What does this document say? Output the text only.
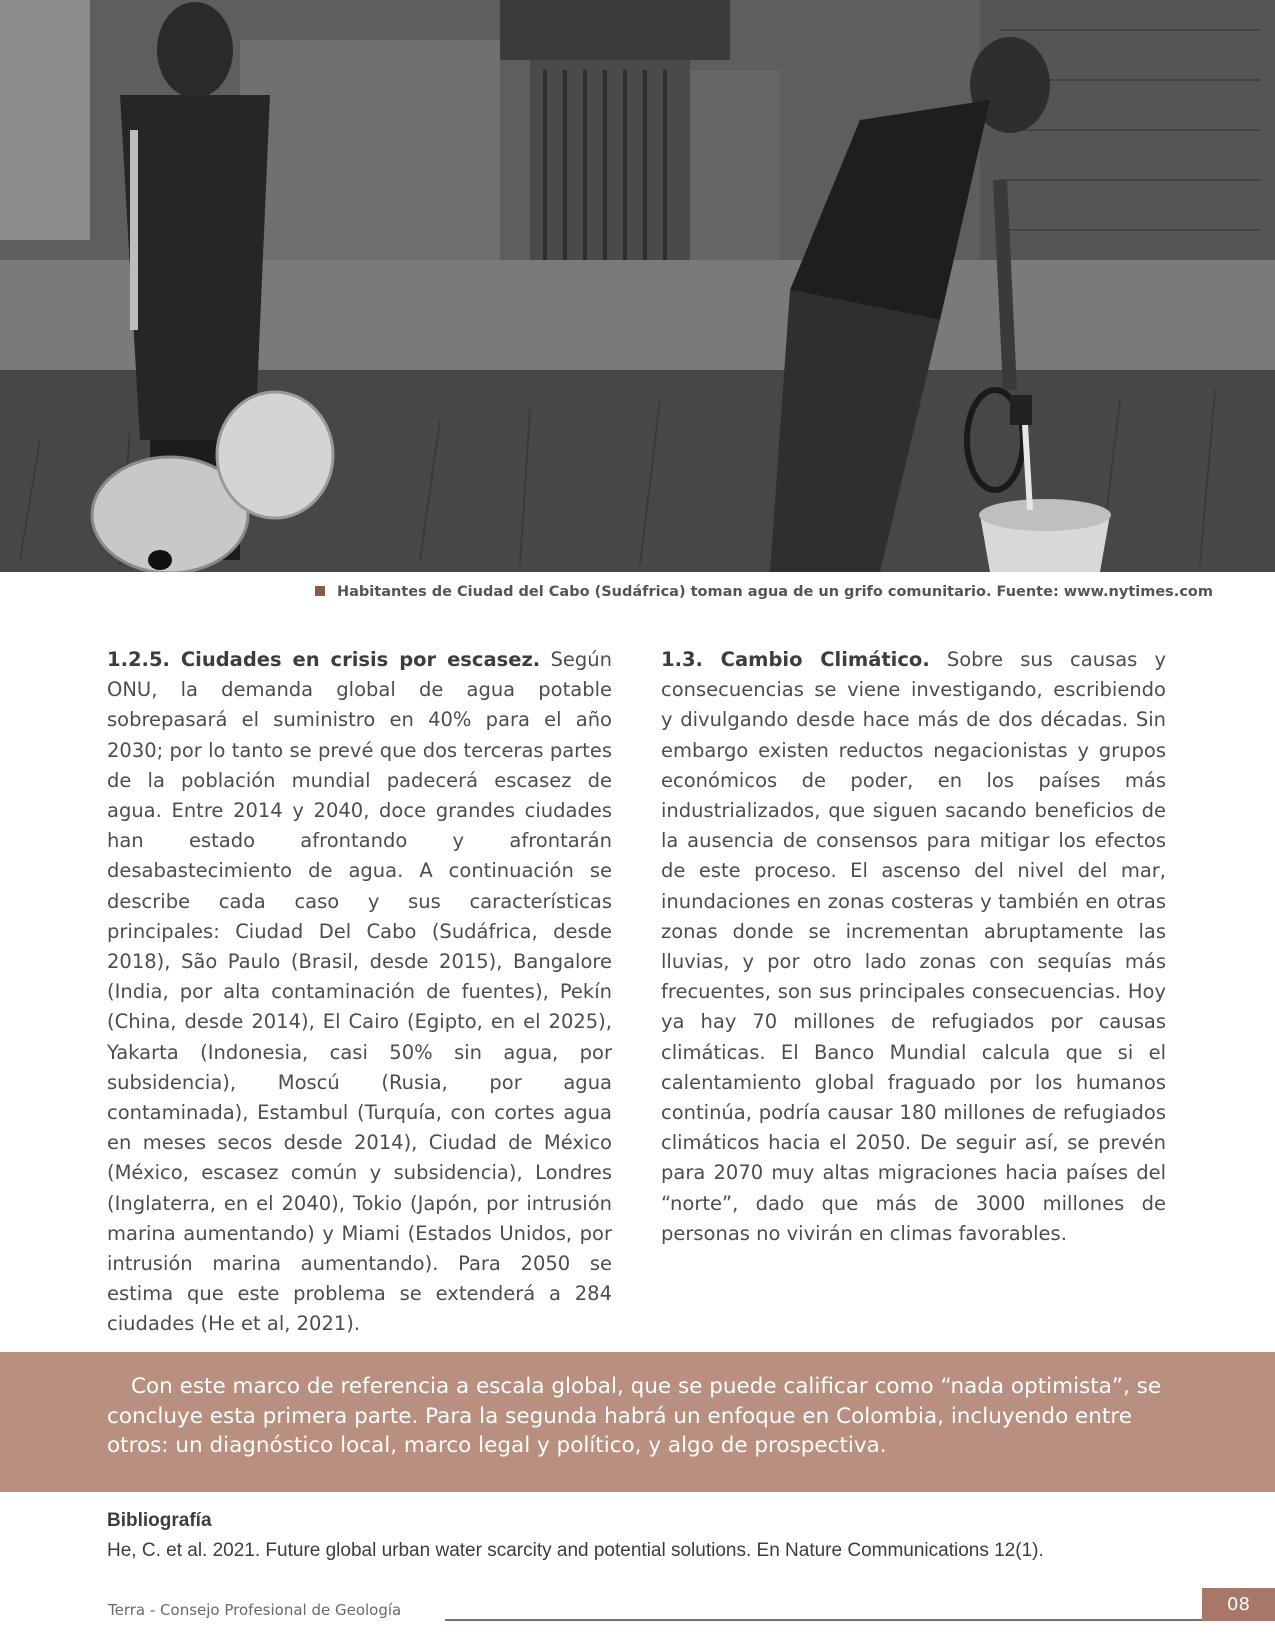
Habitantes de Ciudad del Cabo (Sudáfrica) toman agua de un grifo comunitario. Fuente: www.nytimes.com
1.2.5. Ciudades en crisis por escasez. Según ONU, la demanda global de agua potable sobrepasará el suministro en 40% para el año 2030; por lo tanto se prevé que dos terceras partes de la población mundial padecerá escasez de agua. Entre 2014 y 2040, doce grandes ciudades han estado afrontando y afrontarán desabastecimiento de agua. A continuación se describe cada caso y sus características principales: Ciudad Del Cabo (Sudáfrica, desde 2018), São Paulo (Brasil, desde 2015), Bangalore (India, por alta contaminación de fuentes), Pekín (China, desde 2014), El Cairo (Egipto, en el 2025), Yakarta (Indonesia, casi 50% sin agua, por subsidencia), Moscú (Rusia, por agua contaminada), Estambul (Turquía, con cortes agua en meses secos desde 2014), Ciudad de México (México, escasez común y subsidencia), Londres (Inglaterra, en el 2040), Tokio (Japón, por intrusión marina aumentando) y Miami (Estados Unidos, por intrusión marina aumentando). Para 2050 se estima que este problema se extenderá a 284 ciudades (He et al, 2021).
1.3. Cambio Climático. Sobre sus causas y consecuencias se viene investigando, escribiendo y divulgando desde hace más de dos décadas. Sin embargo existen reductos negacionistas y grupos económicos de poder, en los países más industrializados, que siguen sacando beneficios de la ausencia de consensos para mitigar los efectos de este proceso. El ascenso del nivel del mar, inundaciones en zonas costeras y también en otras zonas donde se incrementan abruptamente las lluvias, y por otro lado zonas con sequías más frecuentes, son sus principales consecuencias. Hoy ya hay 70 millones de refugiados por causas climáticas. El Banco Mundial calcula que si el calentamiento global fraguado por los humanos continúa, podría causar 180 millones de refugiados climáticos hacia el 2050. De seguir así, se prevén para 2070 muy altas migraciones hacia países del “norte”, dado que más de 3000 millones de personas no vivirán en climas favorables.
Con este marco de referencia a escala global, que se puede calificar como “nada optimista”, se concluye esta primera parte. Para la segunda habrá un enfoque en Colombia, incluyendo entre otros: un diagnóstico local, marco legal y político, y algo de prospectiva.
Bibliografía
He, C. et al. 2021. Future global urban water scarcity and potential solutions. En Nature Communications 12(1).
Terra - Consejo Profesional de Geología	08
